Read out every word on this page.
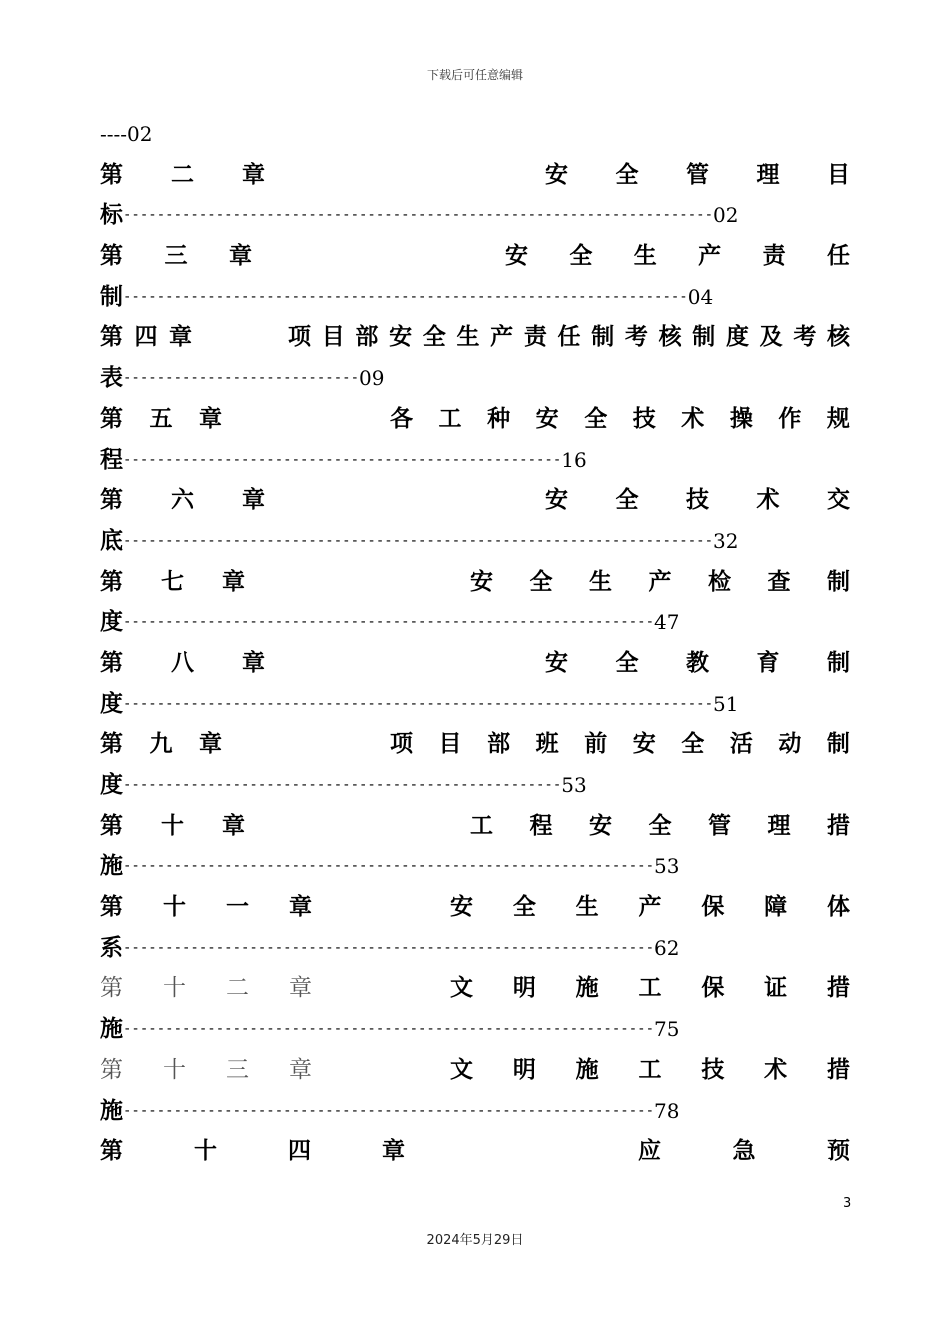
下载后可任意编辑
----02
第 二 章	安 全 管 理 目
标 ---------------------------------------------------------------------- 02
第 三 章	安 全 生 产 责 任
制 ------------------------------------------------------------------- 04
第 四 章	项 目 部 安 全 生 产 责 任 制 考 核 制 度 及 考 核
表 ---------------------------- 09
第 五 章	各 工 种 安 全 技 术 操 作 规
程 ---------------------------------------------------- 16
第 六 章	安 全 技 术 交
底 ---------------------------------------------------------------------- 32
第 七 章	安 全 生 产 检 查 制
度 --------------------------------------------------------------- 47
第 八 章	安 全 教 育 制
度 ---------------------------------------------------------------------- 51
第 九 章	项 目 部 班 前 安 全 活 动 制
度 ---------------------------------------------------- 53
第 十 章	工 程 安 全 管 理 措
施 --------------------------------------------------------------- 53
第 十 一 章	安 全 生 产 保 障 体
系 --------------------------------------------------------------- 62
第 十 二 章	文 明 施 工 保 证 措
施 --------------------------------------------------------------- 75
第 十 三 章	文 明 施 工 技 术 措
施 --------------------------------------------------------------- 78
第	十	四	章	应	急	预
3
2024年5月29日
